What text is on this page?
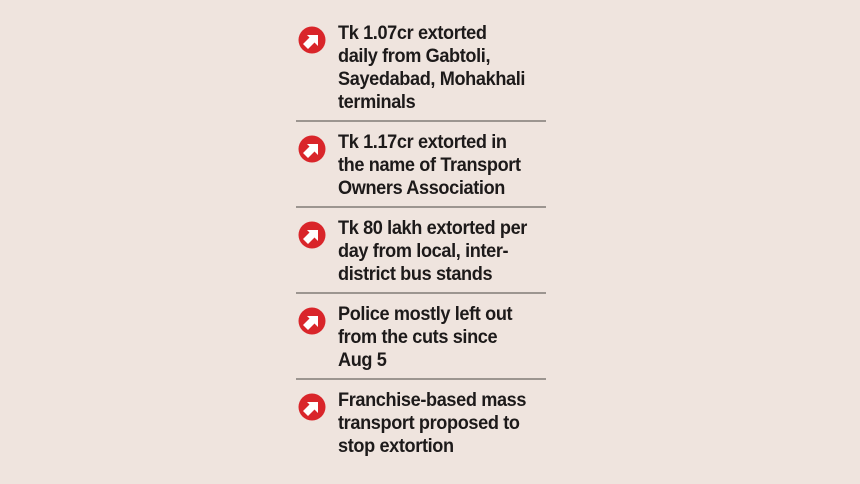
Tk 1.07cr extorted
daily from Gabtoli,
Sayedabad, Mohakhali
terminals
Tk 1.17cr extorted in
the name of Transport
Owners Association
Tk 80 lakh extorted per
day from local, inter-
district bus stands
Police mostly left out
from the cuts since
Aug 5
Franchise-based mass
transport proposed to
stop extortion
